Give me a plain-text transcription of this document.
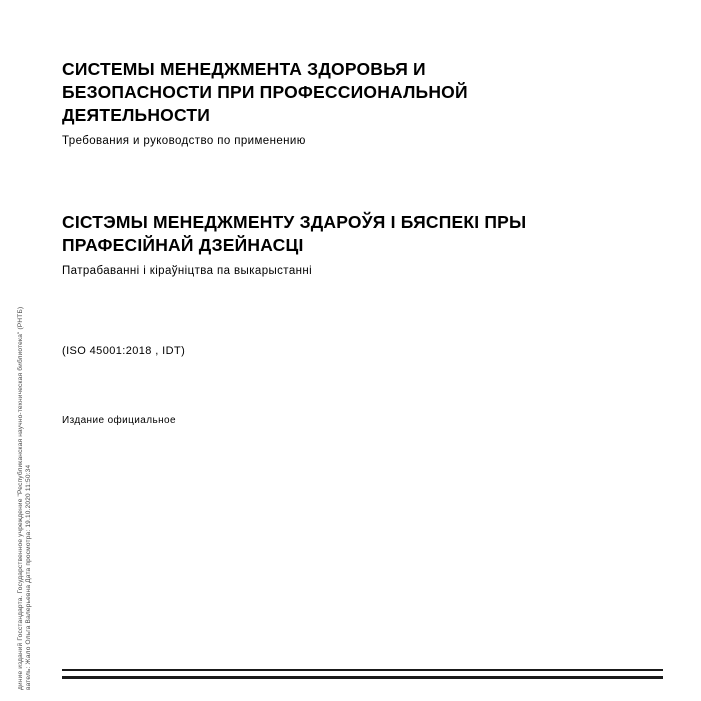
диние изданий Госстандарта. Государственное учреждение "Республиканская научно-техническая библиотека" (РНТБ) ватель: Жало Ольга Валерьевна Дата просмотра: 19.10.2020 11:50:34
СИСТЕМЫ МЕНЕДЖМЕНТА ЗДОРОВЬЯ И БЕЗОПАСНОСТИ ПРИ ПРОФЕССИОНАЛЬНОЙ ДЕЯТЕЛЬНОСТИ
Требования и руководство по применению
СІСТЭМЫ МЕНЕДЖМЕНТУ ЗДАРОЎЯ І БЯСПЕКІ ПРЫ ПРАФЕСІЙНАЙ ДЗЕЙНАСЦІ
Патрабаванні і кіраўніцтва па выкарыстанні
(ISO 45001:2018 , IDT)
Издание официальное
